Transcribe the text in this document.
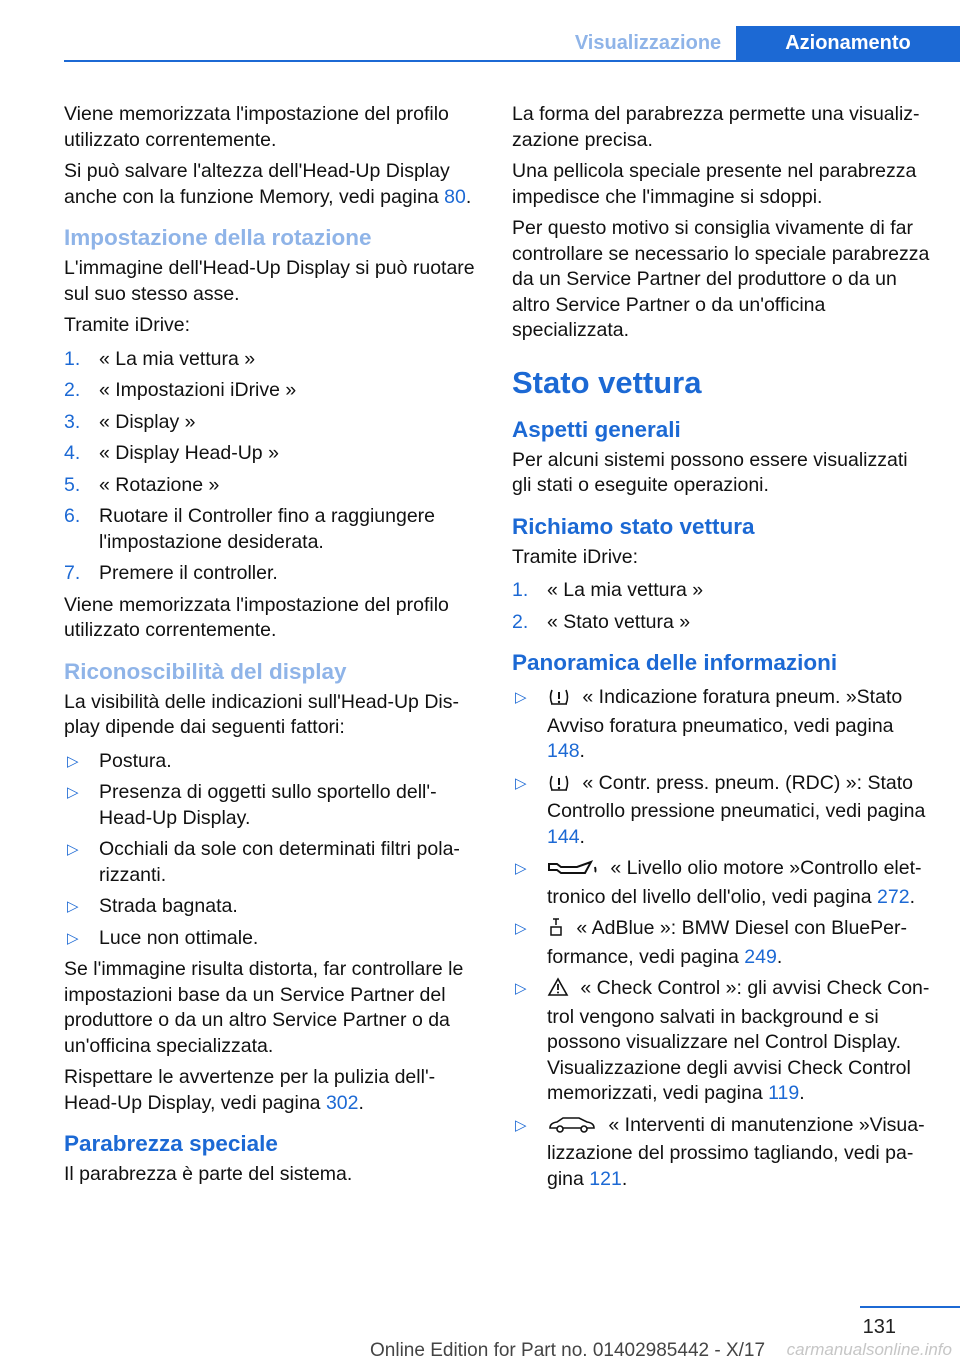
Visualizzazione	Azionamento

Viene memorizzata l'impostazione del profilo utilizzato correntemente.

Si può salvare l'altezza dell'Head-Up Display anche con la funzione Memory, vedi pagina 80.

Impostazione della rotazione

L'immagine dell'Head-Up Display si può ruotare sul suo stesso asse.

Tramite iDrive:

1. « La mia vettura »
2. « Impostazioni iDrive »
3. « Display »
4. « Display Head-Up »
5. « Rotazione »
6. Ruotare il Controller fino a raggiungere l'impostazione desiderata.
7. Premere il controller.

Viene memorizzata l'impostazione del profilo utilizzato correntemente.

Riconoscibilità del display

La visibilità delle indicazioni sull'Head-Up Display dipende dai seguenti fattori:

▷ Postura.
▷ Presenza di oggetti sullo sportello dell'-Head-Up Display.
▷ Occhiali da sole con determinati filtri polarizzanti.
▷ Strada bagnata.
▷ Luce non ottimale.

Se l'immagine risulta distorta, far controllare le impostazioni base da un Service Partner del produttore o da un altro Service Partner o da un'officina specializzata.

Rispettare le avvertenze per la pulizia dell'-Head-Up Display, vedi pagina 302.

Parabrezza speciale

Il parabrezza è parte del sistema.

La forma del parabrezza permette una visualizzazione precisa.

Una pellicola speciale presente nel parabrezza impedisce che l'immagine si sdoppi.

Per questo motivo si consiglia vivamente di far controllare se necessario lo speciale parabrezza da un Service Partner del produttore o da un altro Service Partner o da un'officina specializzata.

Stato vettura
Aspetti generali

Per alcuni sistemi possono essere visualizzati gli stati o eseguite operazioni.

Richiamo stato vettura

Tramite iDrive:

1. « La mia vettura »
2. « Stato vettura »
Panoramica delle informazioni
▷	« Indicazione foratura pneum. »Stato Avviso foratura pneumatico, vedi pagina 148.
▷	« Contr. press. pneum. (RDC) »: Stato Controllo pressione pneumatici, vedi pagina 144.
▷	« Livello olio motore »Controllo elettronico del livello dell'olio, vedi pagina 272.
▷	« AdBlue »: BMW Diesel con BluePerformance, vedi pagina 249.
▷	« Check Control »: gli avvisi Check Control vengono salvati in background e si possono visualizzare nel Control Display. Visualizzazione degli avvisi Check Control memorizzati, vedi pagina 119.
▷	« Interventi di manutenzione »Visualizzazione del prossimo tagliando, vedi pagina 121.
131
Online Edition for Part no. 01402985442 - X/17 carmanualsonline.info
